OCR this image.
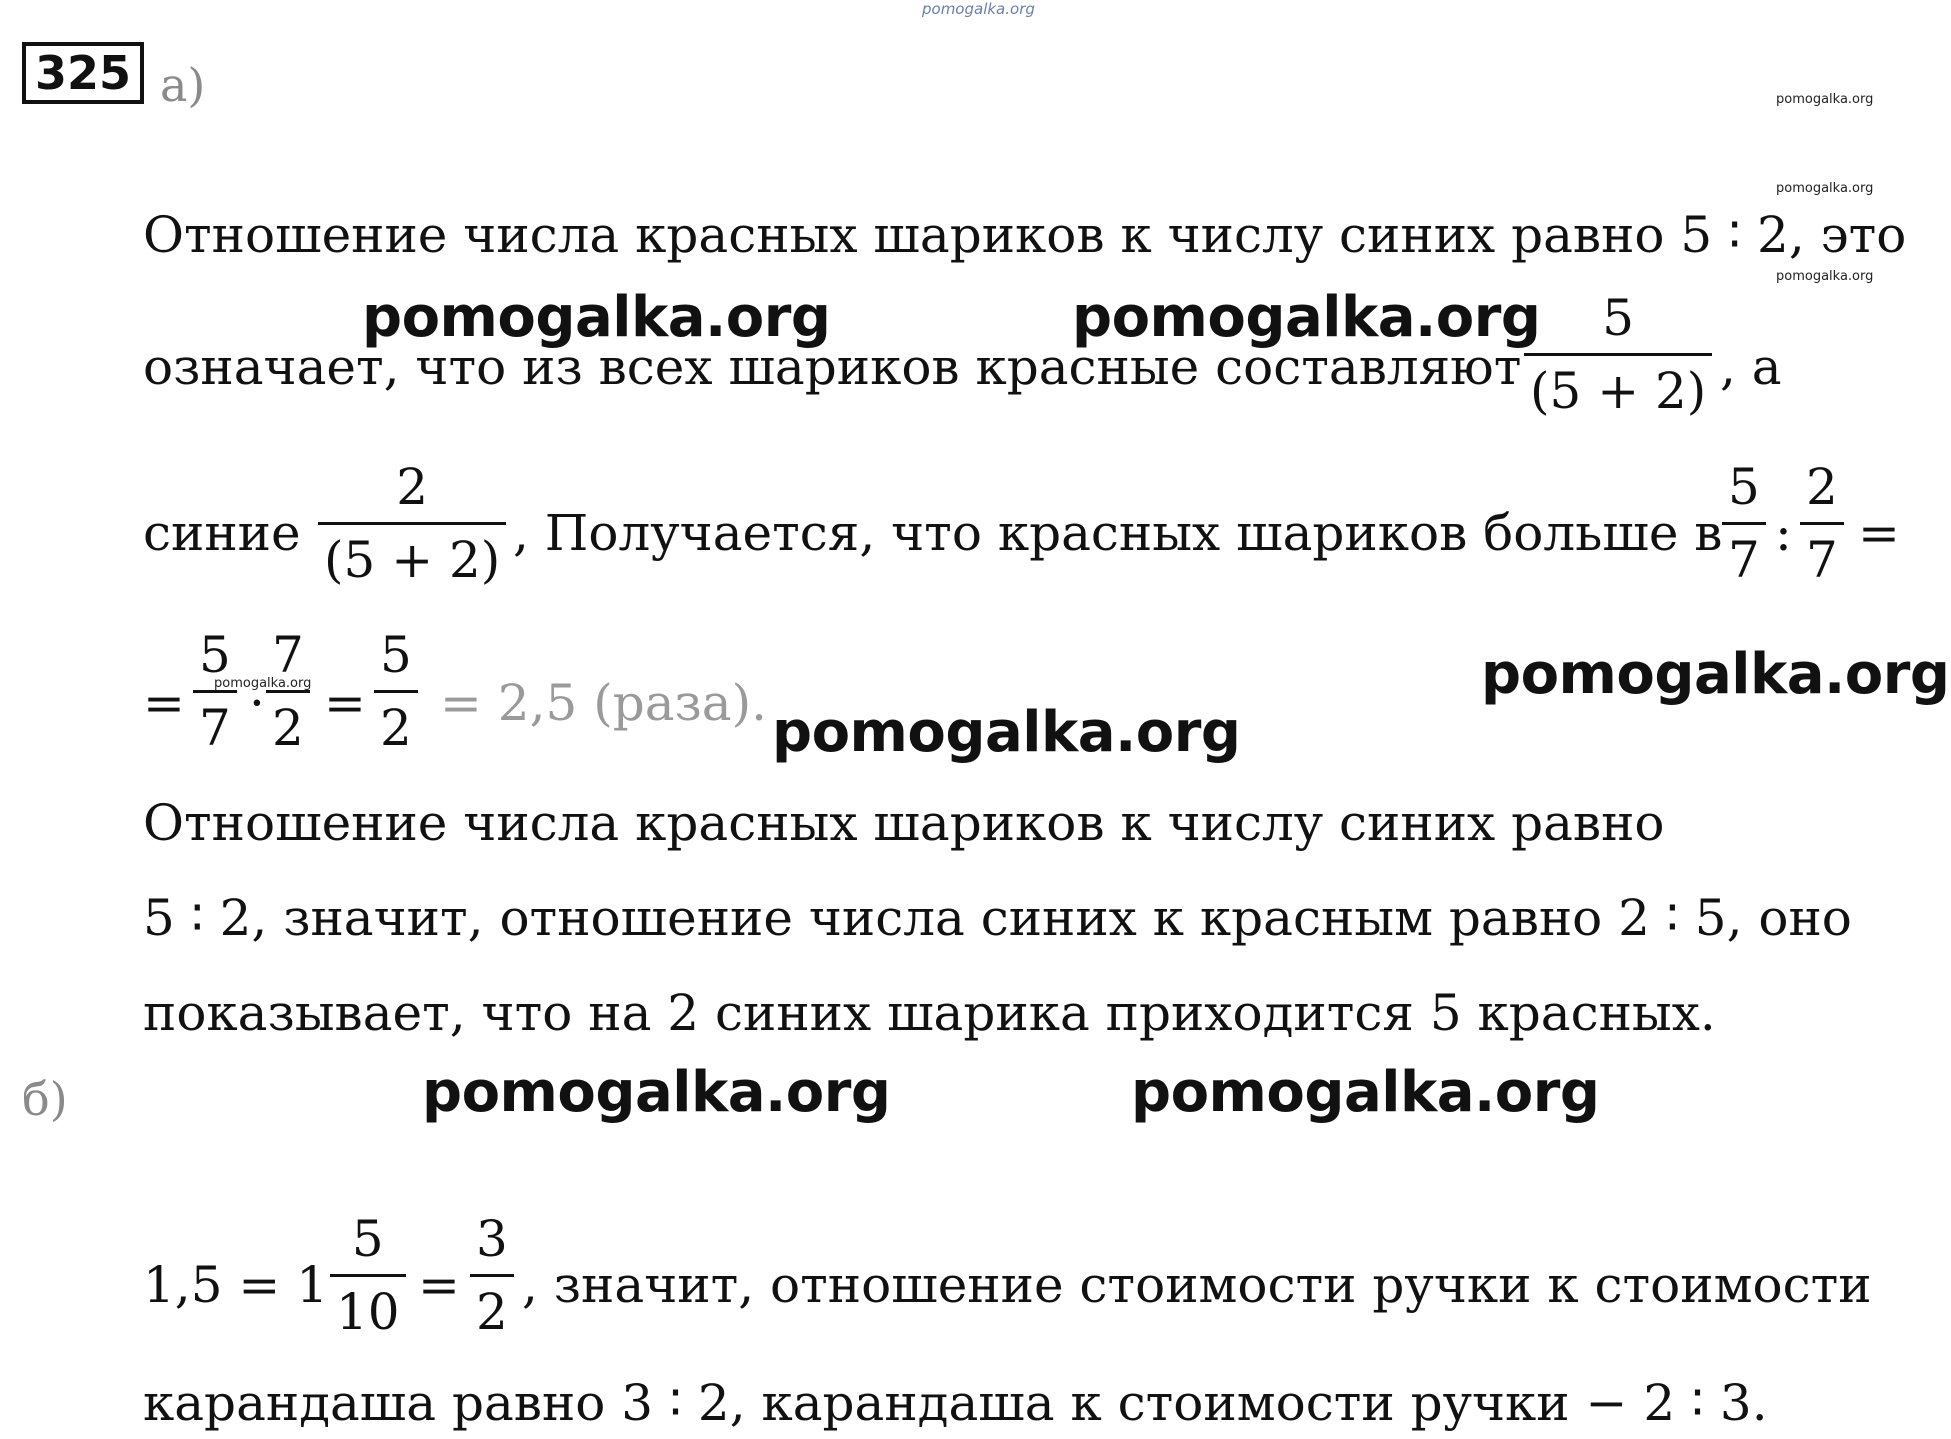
pomogalka.org
325 а)	pomogalka.org
pomogalka.org
pomogalka.org
Отношение числа красных шариков к числу синих равно 5 ∶ 2, это
pomogalka.org	pomogalka.org
означает, что из всех шариков красные составляют $\frac{5}{(5 + 2)}$ , а
синие $\frac{2}{(5 + 2)}$ , Получается, что красных шариков больше в $\frac{5}{7}$ : $\frac{2}{7}$ =
= $\frac{5}{7} \cdot \frac{7}{2} = \frac{5}{2} = 2,5$ (раза).
pomogalka.org	pomogalka.org
pomogalka.org
Отношение числа красных шариков к числу синих равно
5 ∶ 2, значит, отношение числа синих к красным равно 2 ∶ 5, оно
показывает, что на 2 синих шарика приходится 5 красных.
б)	pomogalka.org	pomogalka.org
$1,5 = 1 \frac{5}{10} = \frac{3}{2}$ , значит, отношение стоимости ручки к стоимости
карандаша равно 3 ∶ 2, карандаша к стоимости ручки − 2 ∶ 3.
